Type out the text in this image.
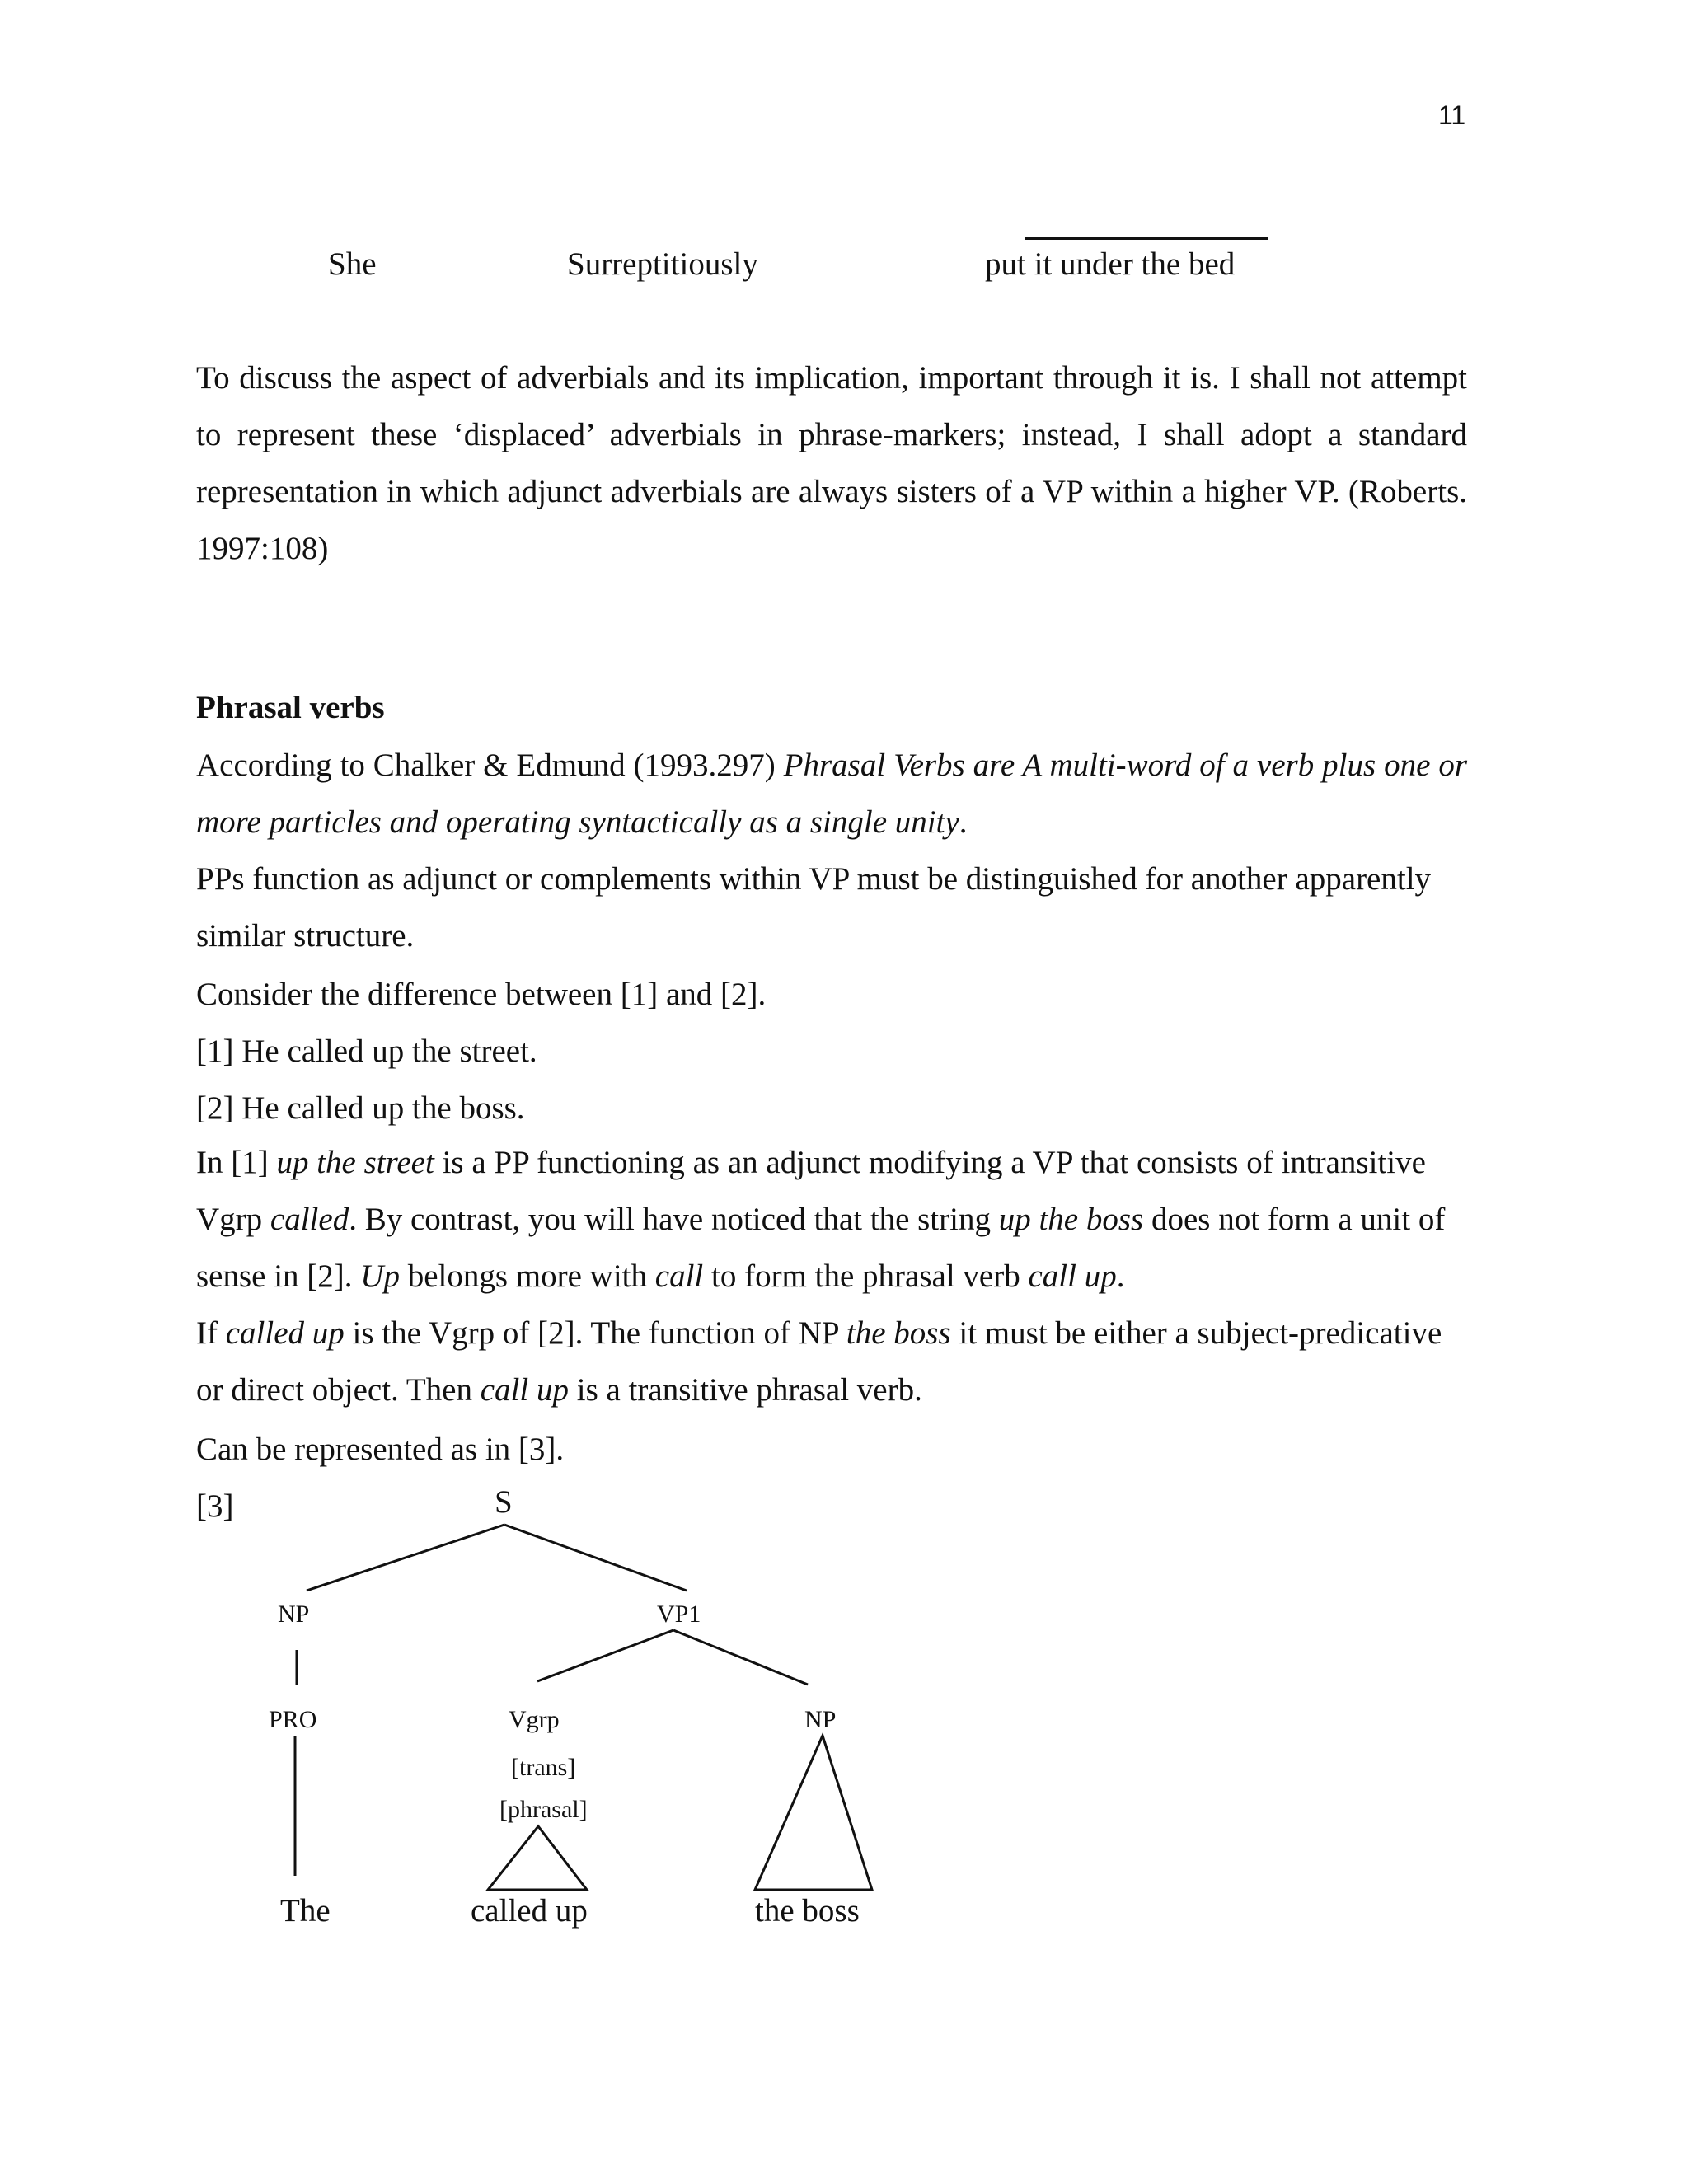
11
She	Surreptitiously	put it under the bed
To discuss the aspect of adverbials and its implication, important through it is. I shall not attempt to represent these ‘displaced’ adverbials in phrase-markers; instead, I shall adopt a standard representation in which adjunct adverbials are always sisters of a VP within a higher VP. (Roberts. 1997:108)
Phrasal verbs
According to Chalker & Edmund (1993.297) Phrasal Verbs are A multi-word of a verb plus one or more particles and operating syntactically as a single unity.
PPs function as adjunct or complements within VP must be distinguished for another apparently similar structure.
Consider the difference between [1] and [2].
[1] He called up the street.
[2] He called up the boss.
In [1] up the street is a PP functioning as an adjunct modifying a VP that consists of intransitive Vgrp called. By contrast, you will have noticed that the string up the boss does not form a unit of sense in [2]. Up belongs more with call to form the phrasal verb call up.
If called up is the Vgrp of [2]. The function of NP the boss it must be either a subject-predicative or direct object. Then call up is a transitive phrasal verb.
Can be represented as in [3].
[3]	S
NP	VP1
PRO	Vgrp	NP
[trans]
[phrasal]
The	called up	the boss
